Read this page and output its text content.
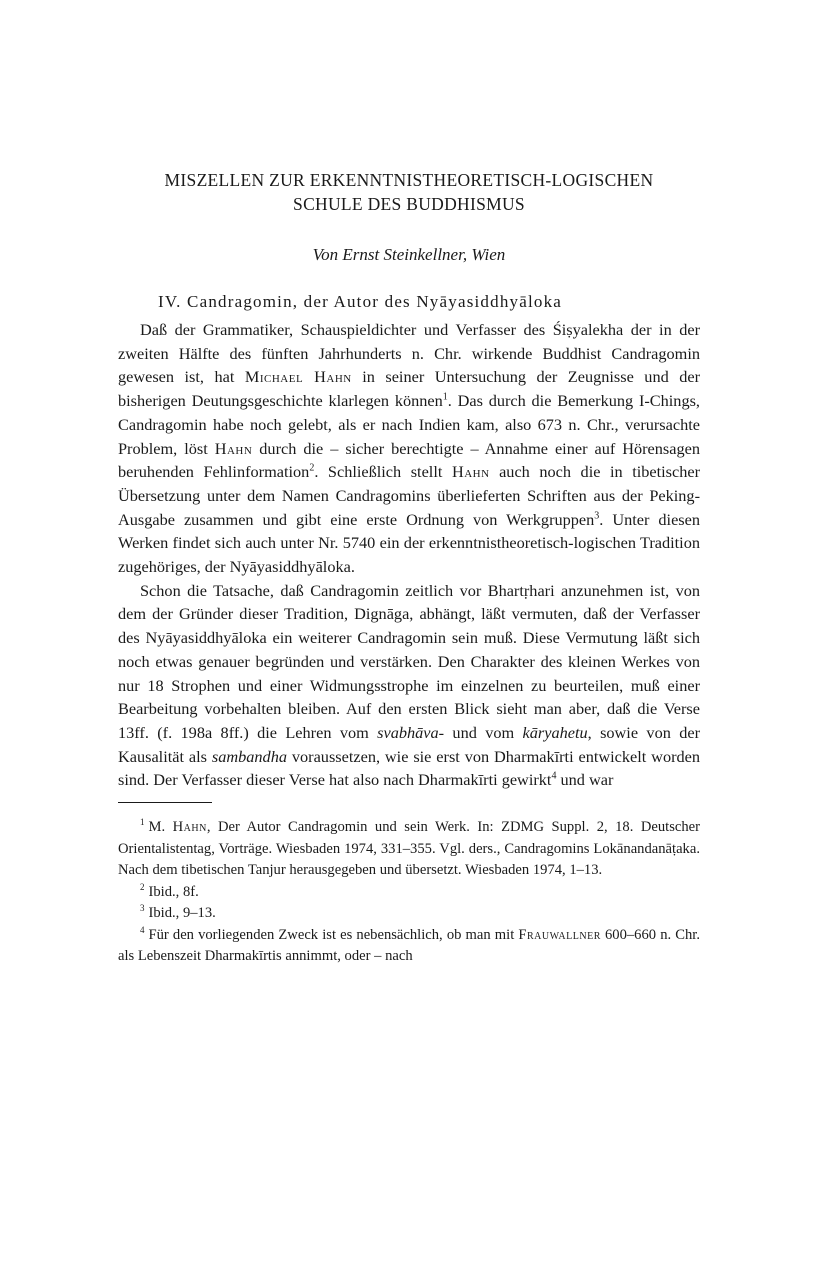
MISZELLEN ZUR ERKENNTNISTHEORETISCH-LOGISCHEN
SCHULE DES BUDDHISMUS
Von Ernst Steinkellner, Wien
IV. Candragomin, der Autor des Nyāyasiddhyāloka

Daß der Grammatiker, Schauspieldichter und Verfasser des Śiṣyalekha der in der zweiten Hälfte des fünften Jahrhunderts n. Chr. wirkende Buddhist Candragomin gewesen ist, hat Michael Hahn in seiner Untersuchung der Zeugnisse und der bisherigen Deutungsgeschichte klarlegen können$^1$. Das durch die Bemerkung I-Chings, Candragomin habe noch gelebt, als er nach Indien kam, also 673 n. Chr., verursachte Problem, löst Hahn durch die – sicher berechtigte – Annahme einer auf Hörensagen beruhenden Fehlinformation$^2$. Schließlich stellt Hahn auch noch die in tibetischer Übersetzung unter dem Namen Candragomins überlieferten Schriften aus der Peking-Ausgabe zusammen und gibt eine erste Ordnung von Werkgruppen$^3$. Unter diesen Werken findet sich auch unter Nr. 5740 ein der erkenntnistheoretisch-logischen Tradition zugehöriges, der Nyāyasiddhyāloka.

Schon die Tatsache, daß Candragomin zeitlich vor Bhartṛhari anzunehmen ist, von dem der Gründer dieser Tradition, Dignāga, abhängt, läßt vermuten, daß der Verfasser des Nyāyasiddhyāloka ein weiterer Candragomin sein muß. Diese Vermutung läßt sich noch etwas genauer begründen und verstärken. Den Charakter des kleinen Werkes von nur 18 Strophen und einer Widmungsstrophe im einzelnen zu beurteilen, muß einer Bearbeitung vorbehalten bleiben. Auf den ersten Blick sieht man aber, daß die Verse 13ff. (f. 198a 8ff.) die Lehren vom svabhāva- und vom kāryahetu, sowie von der Kausalität als sambandha voraussetzen, wie sie erst von Dharmakīrti entwickelt worden sind. Der Verfasser dieser Verse hat also nach Dharmakīrti gewirkt$^4$ und war

$^1$ M. Hahn, Der Autor Candragomin und sein Werk. In: ZDMG Suppl. 2, 18. Deutscher Orientalistentag, Vorträge. Wiesbaden 1974, 331–355. Vgl. ders., Candragomins Lokānandanāṭaka. Nach dem tibetischen Tanjur herausgegeben und übersetzt. Wiesbaden 1974, 1–13.

$^2$ Ibid., 8f.

$^3$ Ibid., 9–13.

$^4$ Für den vorliegenden Zweck ist es nebensächlich, ob man mit Frauwallner 600–660 n. Chr. als Lebenszeit Dharmakīrtis annimmt, oder – nach
